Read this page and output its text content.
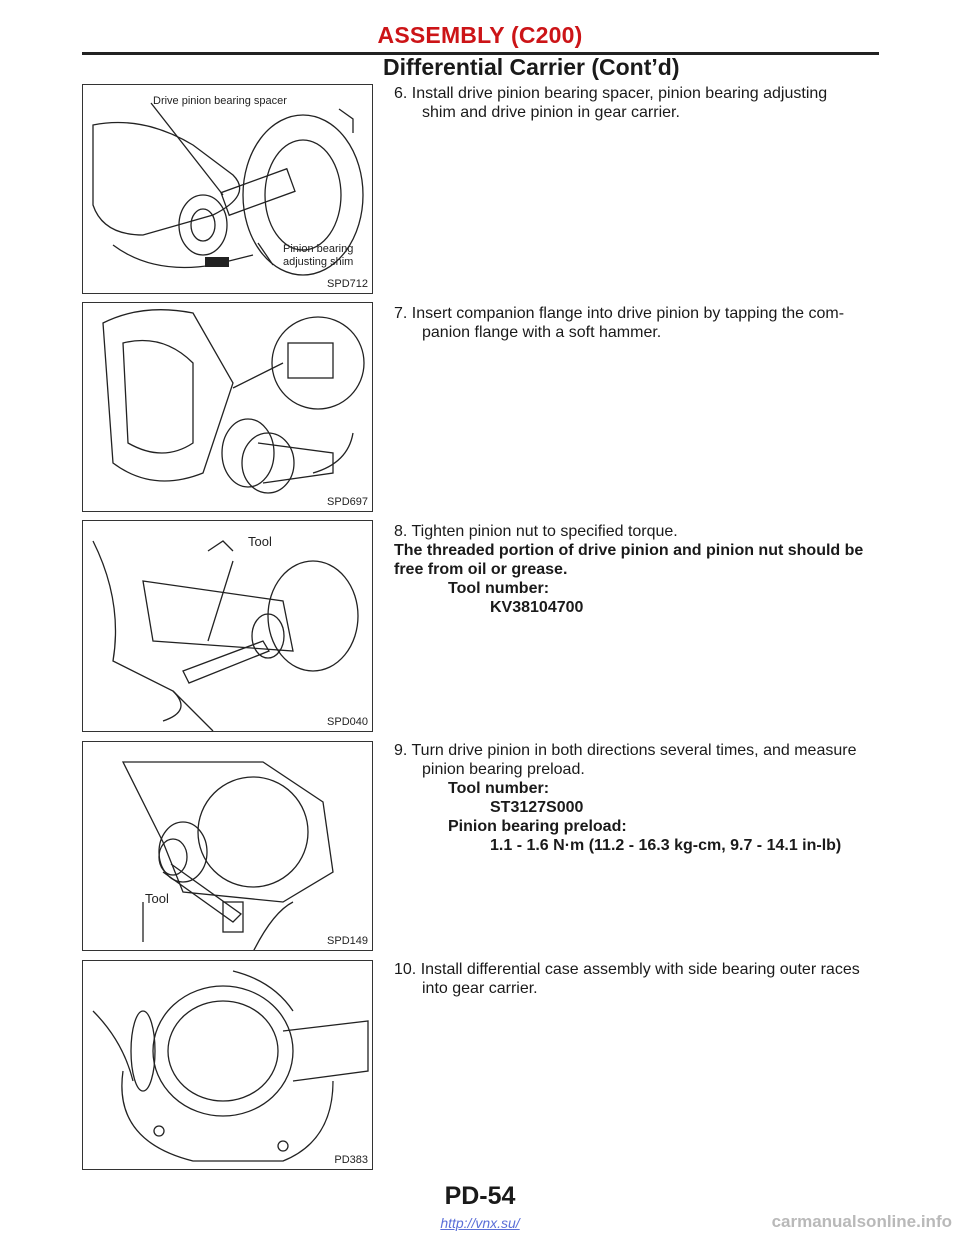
ASSEMBLY (C200)
Differential Carrier (Cont’d)
Drive pinion bearing spacer
Pinion bearing
adjusting shim
SPD712
SPD697
Tool
SPD040
Tool
SPD149
PD383
6. Install drive pinion bearing spacer, pinion bearing adjusting
shim and drive pinion in gear carrier.
7. Insert companion flange into drive pinion by tapping the com-
panion flange with a soft hammer.
8. Tighten pinion nut to specified torque.
The threaded portion of drive pinion and pinion nut should be
free from oil or grease.
Tool number:
KV38104700
9. Turn drive pinion in both directions several times, and measure
pinion bearing preload.
Tool number:
ST3127S000
Pinion bearing preload:
1.1 - 1.6 N·m (11.2 - 16.3 kg-cm, 9.7 - 14.1 in-lb)
10. Install differential case assembly with side bearing outer races
into gear carrier.
PD-54
http://vnx.su/	carmanualsonline.info
